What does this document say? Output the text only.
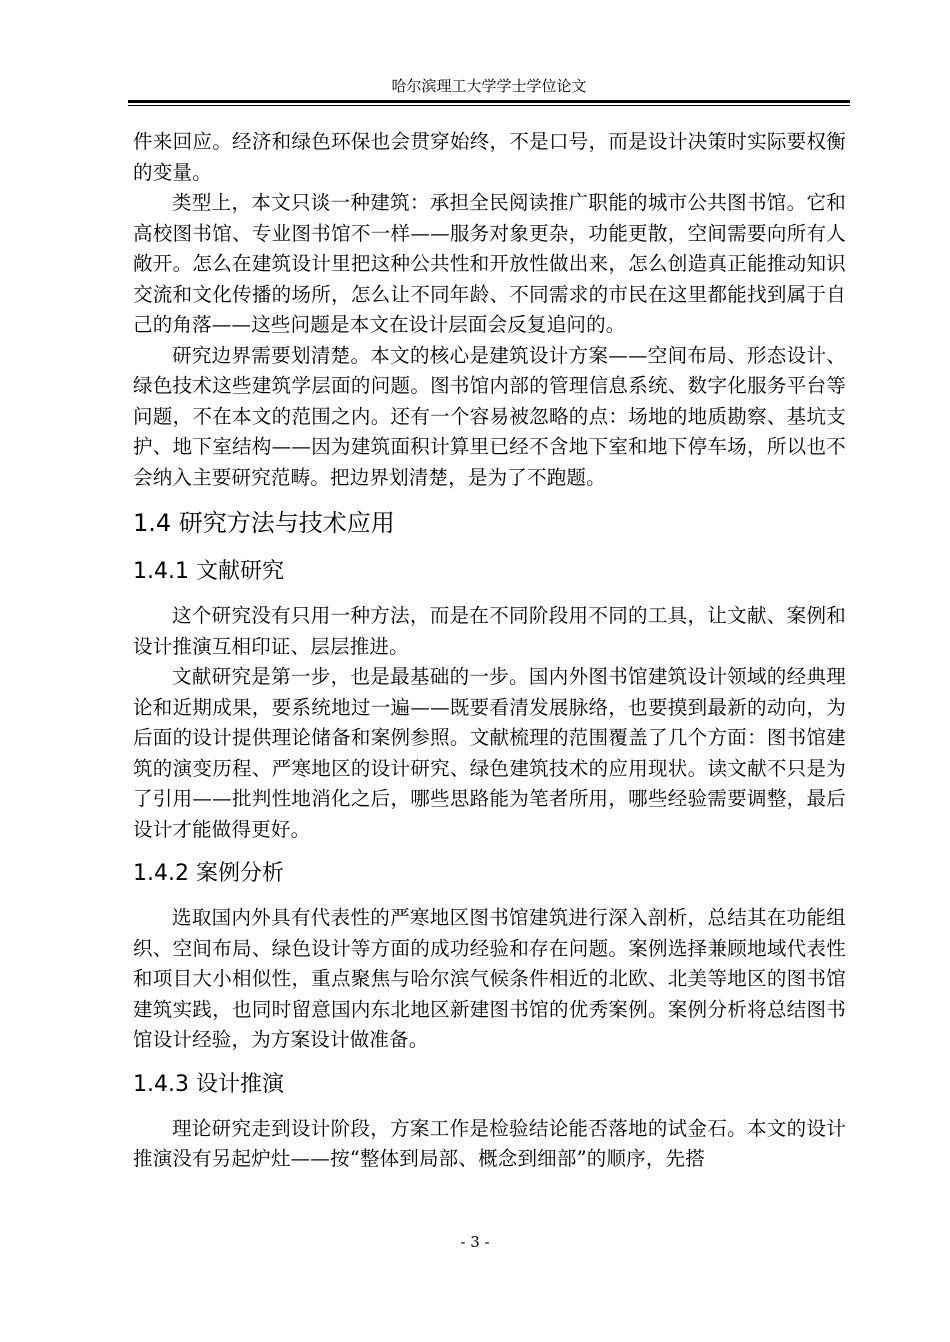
哈尔滨理工大学学士学位论文

件来回应。经济和绿色环保也会贯穿始终，不是口号，而是设计决策时实际要权衡的变量。

类型上，本文只谈一种建筑：承担全民阅读推广职能的城市公共图书馆。它和高校图书馆、专业图书馆不一样——服务对象更杂，功能更散，空间需要向所有人敞开。怎么在建筑设计里把这种公共性和开放性做出来，怎么创造真正能推动知识交流和文化传播的场所，怎么让不同年龄、不同需求的市民在这里都能找到属于自己的角落——这些问题是本文在设计层面会反复追问的。

研究边界需要划清楚。本文的核心是建筑设计方案——空间布局、形态设计、绿色技术这些建筑学层面的问题。图书馆内部的管理信息系统、数字化服务平台等问题，不在本文的范围之内。还有一个容易被忽略的点：场地的地质勘察、基坑支护、地下室结构——因为建筑面积计算里已经不含地下室和地下停车场，所以也不会纳入主要研究范畴。把边界划清楚，是为了不跑题。

1.4 研究方法与技术应用
1.4.1 文献研究

这个研究没有只用一种方法，而是在不同阶段用不同的工具，让文献、案例和设计推演互相印证、层层推进。

文献研究是第一步，也是最基础的一步。国内外图书馆建筑设计领域的经典理论和近期成果，要系统地过一遍——既要看清发展脉络，也要摸到最新的动向，为后面的设计提供理论储备和案例参照。文献梳理的范围覆盖了几个方面：图书馆建筑的演变历程、严寒地区的设计研究、绿色建筑技术的应用现状。读文献不只是为了引用——批判性地消化之后，哪些思路能为笔者所用，哪些经验需要调整，最后设计才能做得更好。

1.4.2 案例分析

选取国内外具有代表性的严寒地区图书馆建筑进行深入剖析，总结其在功能组织、空间布局、绿色设计等方面的成功经验和存在问题。案例选择兼顾地域代表性和项目大小相似性，重点聚焦与哈尔滨气候条件相近的北欧、北美等地区的图书馆建筑实践，也同时留意国内东北地区新建图书馆的优秀案例。案例分析将总结图书馆设计经验，为方案设计做准备。

1.4.3 设计推演

理论研究走到设计阶段，方案工作是检验结论能否落地的试金石。本文的设计推演没有另起炉灶——按“整体到局部、概念到细部”的顺序，先搭

- 3 -
